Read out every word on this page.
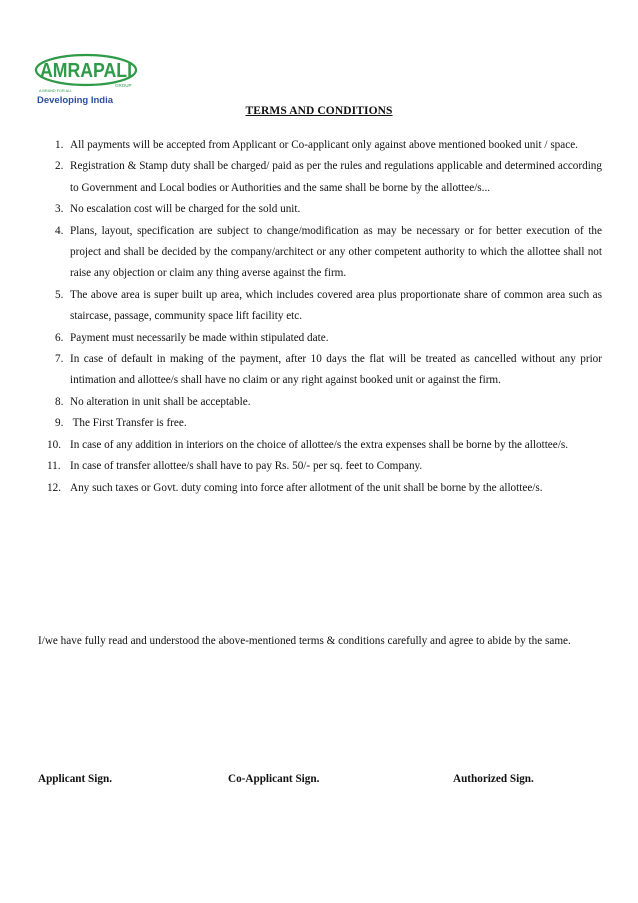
AMRAPALI
GROUP
A BRAND FOR ALL
Developing India
TERMS AND CONDITIONS
1. All payments will be accepted from Applicant or Co-applicant only against above mentioned booked unit / space.
2. Registration & Stamp duty shall be charged/ paid as per the rules and regulations applicable and determined according to Government and Local bodies or Authorities and the same shall be borne by the allottee/s...
3. No escalation cost will be charged for the sold unit.
4. Plans, layout, specification are subject to change/modification as may be necessary or for better execution of the project and shall be decided by the company/architect or any other competent authority to which the allottee shall not raise any objection or claim any thing averse against the firm.
5. The above area is super built up area, which includes covered area plus proportionate share of common area such as staircase, passage, community space lift facility etc.
6. Payment must necessarily be made within stipulated date.
7. In case of default in making of the payment, after 10 days the flat will be treated as cancelled without any prior intimation and allottee/s shall have no claim or any right against booked unit or against the firm.
8. No alteration in unit shall be acceptable.
9. The First Transfer is free.
10. In case of any addition in interiors on the choice of allottee/s the extra expenses shall be borne by the allottee/s.
11. In case of transfer allottee/s shall have to pay Rs. 50/- per sq. feet to Company.
12. Any such taxes or Govt. duty coming into force after allotment of the unit shall be borne by the allottee/s.
I/we have fully read and understood the above-mentioned terms & conditions carefully and agree to abide by the same.
Applicant Sign.	Co-Applicant Sign.	Authorized Sign.
